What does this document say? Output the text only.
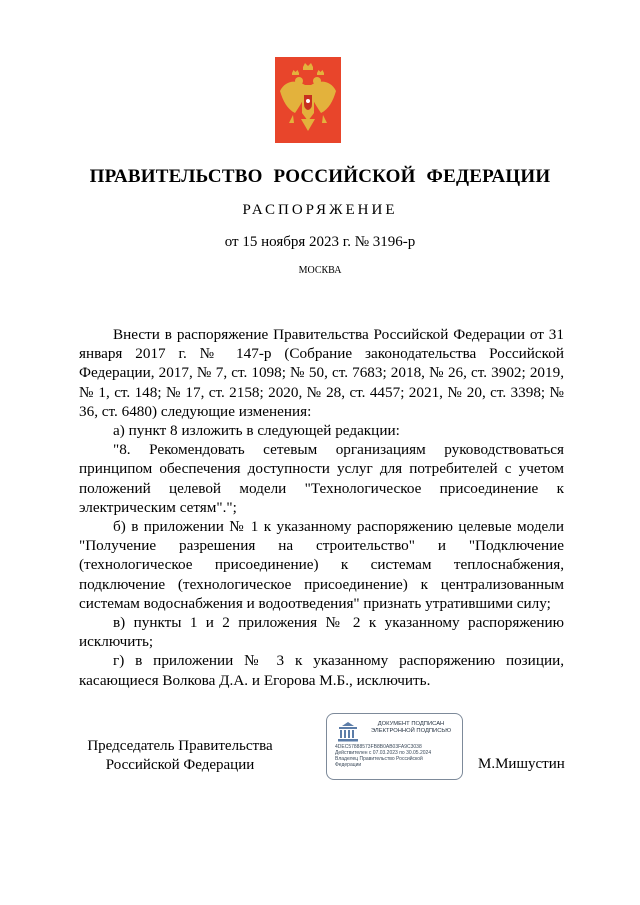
ПРАВИТЕЛЬСТВО РОССИЙСКОЙ ФЕДЕРАЦИИ
РАСПОРЯЖЕНИЕ
от 15 ноября 2023 г. № 3196-р
МОСКВА

Внести в распоряжение Правительства Российской Федерации от 31 января 2017 г. № 147-р (Собрание законодательства Российской Федерации, 2017, № 7, ст. 1098; № 50, ст. 7683; 2018, № 26, ст. 3902; 2019, № 1, ст. 148; № 17, ст. 2158; 2020, № 28, ст. 4457; 2021, № 20, ст. 3398; № 36, ст. 6480) следующие изменения:

а) пункт 8 изложить в следующей редакции:

"8. Рекомендовать сетевым организациям руководствоваться принципом обеспечения доступности услуг для потребителей с учетом положений целевой модели "Технологическое присоединение к электрическим сетям".";

б) в приложении № 1 к указанному распоряжению целевые модели "Получение разрешения на строительство" и "Подключение (технологическое присоединение) к системам теплоснабжения, подключение (технологическое присоединение) к централизованным системам водоснабжения и водоотведения" признать утратившими силу;

в) пункты 1 и 2 приложения № 2 к указанному распоряжению исключить;

г) в приложении № 3 к указанному распоряжению позиции, касающиеся Волкова Д.А. и Егорова М.Б., исключить.

Председатель Правительства
Российской Федерации
ДОКУМЕНТ ПОДПИСАН
ЭЛЕКТРОННОЙ ПОДПИСЬЮ
4DEC57888573FB8B0AB03FA9C3038
Действителен с 07.03.2023 по 30.05.2024
Владелец Правительство Российской
Федерации	М.Мишустин
